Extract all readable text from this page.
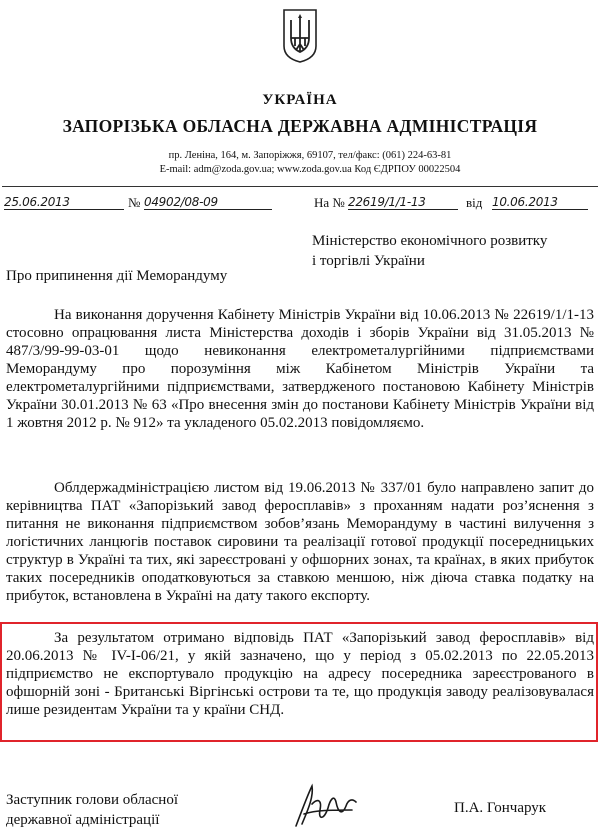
УКРАЇНА
ЗАПОРІЗЬКА ОБЛАСНА ДЕРЖАВНА АДМІНІСТРАЦІЯ
пр. Леніна, 164, м. Запоріжжя, 69107, тел/факс: (061) 224-63-81
E-mail: adm@zoda.gov.ua; www.zoda.gov.ua Код ЄДРПОУ 00022504
25.06.2013	№ 04902/08-09	На № 22619/1/1-13	від 10.06.2013
Міністерство економічного розвитку
і торгівлі України
Про припинення дії Меморандуму
На виконання доручення Кабінету Міністрів України від 10.06.2013 № 22619/1/1-13 стосовно опрацювання листа Міністерства доходів і зборів України від 31.05.2013 № 487/3/99-99-03-01 щодо невиконання електрометалургійними підприємствами Меморандуму про порозуміння між Кабінетом Міністрів України та електрометалургійними підприємствами, затвердженого постановою Кабінету Міністрів України 30.01.2013 № 63 «Про внесення змін до постанови Кабінету Міністрів України від 1 жовтня 2012 р. № 912» та укладеного 05.02.2013 повідомляємо.
Облдержадміністрацією листом від 19.06.2013 № 337/01 було направлено запит до керівництва ПАТ «Запорізький завод феросплавів» з проханням надати роз’яснення з питання не виконання підприємством зобов’язань Меморандуму в частині вилучення з логістичних ланцюгів поставок сировини та реалізації готової продукції посередницьких структур в Україні та тих, які зареєстровані у офшорних зонах, та країнах, в яких прибуток таких посередників оподатковуються за ставкою меншою, ніж діюча ставка податку на прибуток, встановлена в Україні на дату такого експорту.
За результатом отримано відповідь ПАТ «Запорізький завод феросплавів» від 20.06.2013 № IV-I-06/21, у якій зазначено, що у період з 05.02.2013 по 22.05.2013 підприємство не експортувало продукцію на адресу посередника зареєстрованого в офшорній зоні - Британські Віргінські острови та те, що продукція заводу реалізовувалася лише резидентам України та у країни СНД.
Заступник голови обласної
державної адміністрації
П.А. Гончарук
